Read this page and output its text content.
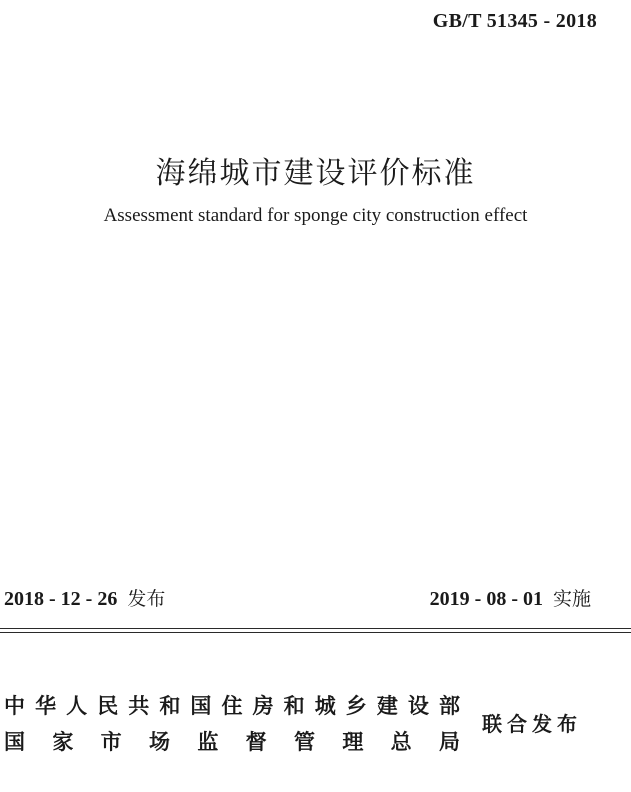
GB/T 51345 - 2018
海绵城市建设评价标准
Assessment standard for sponge city construction effect
2018 - 12 - 26 发布	2019 - 08 - 01 实施
中华人民共和国住房和城乡建设部
国家市场监督管理总局
联合发布
